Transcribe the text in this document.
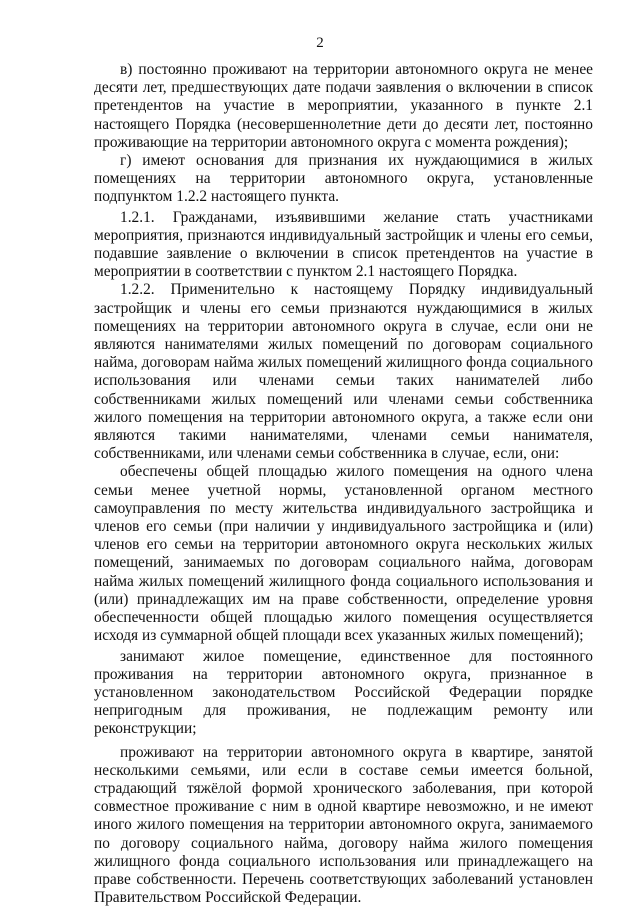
2

в) постоянно проживают на территории автономного округа не менее десяти лет, предшествующих дате подачи заявления о включении в список претендентов на участие в мероприятии, указанного в пункте 2.1 настоящего Порядка (несовершеннолетние дети до десяти лет, постоянно проживающие на территории автономного округа с момента рождения);

г) имеют основания для признания их нуждающимися в жилых помещениях на территории автономного округа, установленные подпунктом 1.2.2 настоящего пункта.

1.2.1. Гражданами, изъявившими желание стать участниками мероприятия, признаются индивидуальный застройщик и члены его семьи, подавшие заявление о включении в список претендентов на участие в мероприятии в соответствии с пунктом 2.1 настоящего Порядка.

1.2.2. Применительно к настоящему Порядку индивидуальный застройщик и члены его семьи признаются нуждающимися в жилых помещениях на территории автономного округа в случае, если они не являются нанимателями жилых помещений по договорам социального найма, договорам найма жилых помещений жилищного фонда социального использования или членами семьи таких нанимателей либо собственниками жилых помещений или членами семьи собственника жилого помещения на территории автономного округа, а также если они являются такими нанимателями, членами семьи нанимателя, собственниками, или членами семьи собственника в случае, если, они:

обеспечены общей площадью жилого помещения на одного члена семьи менее учетной нормы, установленной органом местного самоуправления по месту жительства индивидуального застройщика и членов его семьи (при наличии у индивидуального застройщика и (или) членов его семьи на территории автономного округа нескольких жилых помещений, занимаемых по договорам социального найма, договорам найма жилых помещений жилищного фонда социального использования и (или) принадлежащих им на праве собственности, определение уровня обеспеченности общей площадью жилого помещения осуществляется исходя из суммарной общей площади всех указанных жилых помещений);

занимают жилое помещение, единственное для постоянного проживания на территории автономного округа, признанное в установленном законодательством Российской Федерации порядке непригодным для проживания, не подлежащим ремонту или реконструкции;

проживают на территории автономного округа в квартире, занятой несколькими семьями, или если в составе семьи имеется больной, страдающий тяжёлой формой хронического заболевания, при которой совместное проживание с ним в одной квартире невозможно, и не имеют иного жилого помещения на территории автономного округа, занимаемого по договору социального найма, договору найма жилого помещения жилищного фонда социального использования или принадлежащего на праве собственности. Перечень соответствующих заболеваний установлен Правительством Российской Федерации.
